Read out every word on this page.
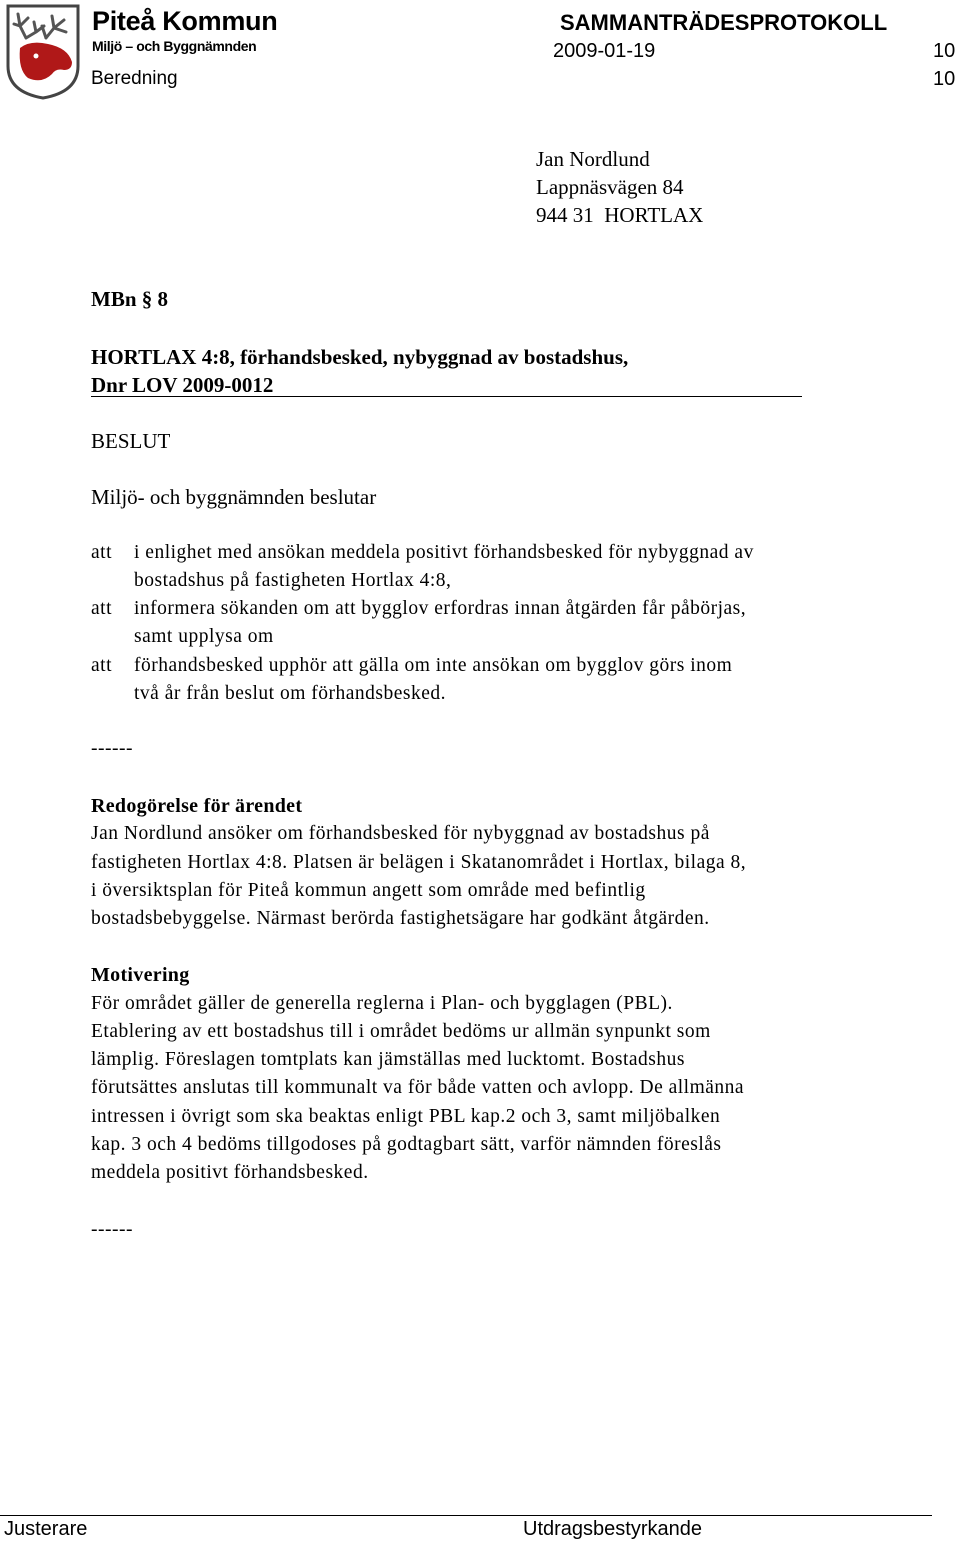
Piteå Kommun
Miljö – och Byggnämnden
SAMMANTRÄDESPROTOKOLL
2009-01-19	10
Beredning	10
Jan Nordlund
Lappnäsvägen 84
944 31  HORTLAX
MBn § 8
HORTLAX 4:8, förhandsbesked, nybyggnad av bostadshus,
Dnr LOV 2009-0012
BESLUT
Miljö- och byggnämnden beslutar
att i enlighet med ansökan meddela positivt förhandsbesked för nybyggnad av
bostadshus på fastigheten Hortlax 4:8,
att informera sökanden om att bygglov erfordras innan åtgärden får påbörjas,
samt upplysa om
att förhandsbesked upphör att gälla om inte ansökan om bygglov görs inom
två år från beslut om förhandsbesked.
------
Redogörelse för ärendet
Jan Nordlund ansöker om förhandsbesked för nybyggnad av bostadshus på
fastigheten Hortlax 4:8. Platsen är belägen i Skatanområdet i Hortlax, bilaga 8,
i översiktsplan för Piteå kommun angett som område med befintlig
bostadsbebyggelse. Närmast berörda fastighetsägare har godkänt åtgärden.
Motivering
För området gäller de generella reglerna i Plan- och bygglagen (PBL).
Etablering av ett bostadshus till i området bedöms ur allmän synpunkt som
lämplig. Föreslagen tomtplats kan jämställas med lucktomt. Bostadshus
förutsättes anslutas till kommunalt va för både vatten och avlopp. De allmänna
intressen i övrigt som ska beaktas enligt PBL kap.2 och 3, samt miljöbalken
kap. 3 och 4 bedöms tillgodoses på godtagbart sätt, varför nämnden föreslås
meddela positivt förhandsbesked.
------
Justerare	Utdragsbestyrkande
